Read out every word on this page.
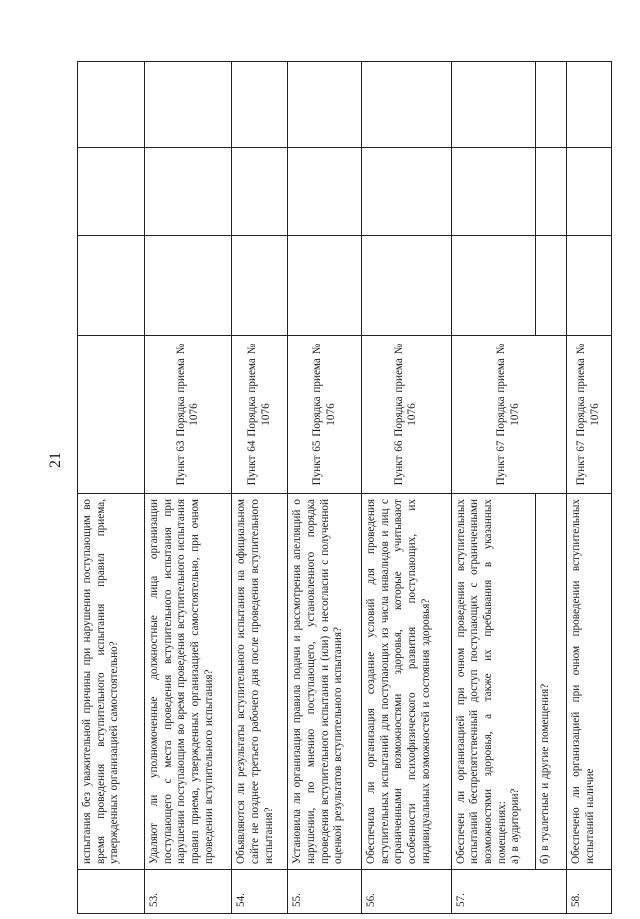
21
	испытания без уважительной причины при нарушении поступающим во время проведения вступительного испытания правил приема, утвержденных организацией самостоятельно?				
53.	Удаляют ли уполномоченные должностные лица организации поступающего с места проведения вступительного испытания при нарушении поступающим во время проведения вступительного испытания правил приема, утвержденных организацией самостоятельно, при очном проведении вступительного испытания?	Пункт 63 Порядка приема № 1076			
54.	Объявляются ли результаты вступительного испытания на официальном сайте не позднее третьего рабочего дня после проведения вступительного испытания?	Пункт 64 Порядка приема № 1076			
55.	Установила ли организация правила подачи и рассмотрения апелляций о нарушении, по мнению поступающего, установленного порядка проведения вступительного испытания и (или) о несогласии с полученной оценкой результатов вступительного испытания?	Пункт 65 Порядка приема № 1076			
56.	Обеспечила ли организация создание условий для проведения вступительных испытаний для поступающих из числа инвалидов и лиц с ограниченными возможностями здоровья, которые учитывают особенности психофизического развития поступающих, их индивидуальных возможностей и состояния здоровья?	Пункт 66 Порядка приема № 1076			
57.	Обеспечен ли организацией при очном проведении вступительных испытаний беспрепятственный доступ поступающих с ограниченными возможностями здоровья, а также их пребывания в указанных помещениях: а) в аудитории?	Пункт 67 Порядка приема № 1076			
	б) в туалетные и другие помещения?				
58.	Обеспечено ли организацией при очном проведении вступительных испытаний наличие	Пункт 67 Порядка приема № 1076			
